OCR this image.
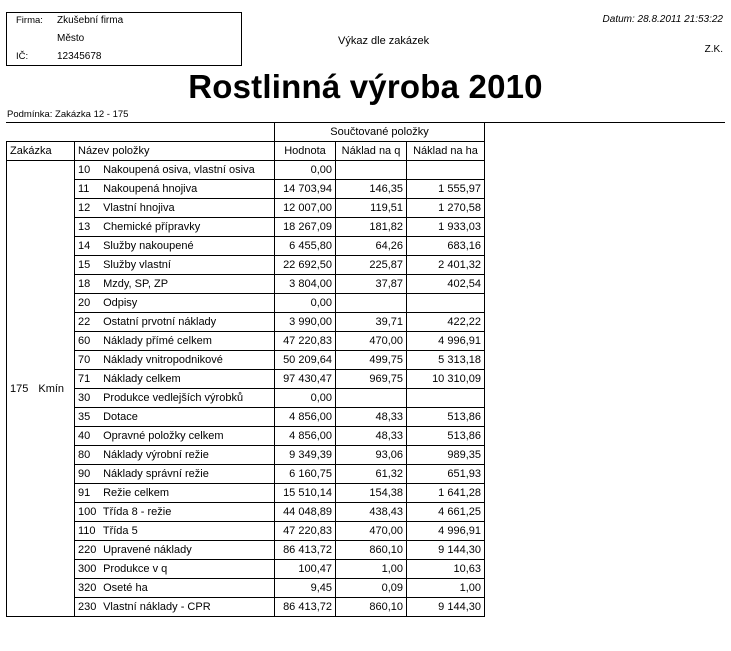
Firma: Zkušební firma
Město
IČ:	12345678
Výkaz dle zakázek
Datum: 28.8.2011 21:53:22
Z.K.
Rostlinná výroba 2010
Podmínka: Zakázka 12 - 175
		Součtované položky		
Zakázka	Název položky	Hodnota	Náklad na q	Náklad na ha
175 Kmín	10 Nakoupená osiva, vlastní osiva	0,00		
	11 Nakoupená hnojiva	14 703,94	146,35	1 555,97
	12 Vlastní hnojiva	12 007,00	119,51	1 270,58
	13 Chemické přípravky	18 267,09	181,82	1 933,03
	14 Služby nakoupené	6 455,80	64,26	683,16
	15 Služby vlastní	22 692,50	225,87	2 401,32
	18 Mzdy, SP, ZP	3 804,00	37,87	402,54
	20 Odpisy	0,00		
	22 Ostatní prvotní náklady	3 990,00	39,71	422,22
	60 Náklady přímé celkem	47 220,83	470,00	4 996,91
	70 Náklady vnitropodnikové	50 209,64	499,75	5 313,18
	71 Náklady celkem	97 430,47	969,75	10 310,09
	30 Produkce vedlejších výrobků	0,00		
	35 Dotace	4 856,00	48,33	513,86
	40 Opravné položky celkem	4 856,00	48,33	513,86
	80 Náklady výrobní režie	9 349,39	93,06	989,35
	90 Náklady správní režie	6 160,75	61,32	651,93
	91 Režie celkem	15 510,14	154,38	1 641,28
	100 Třída 8 - režie	44 048,89	438,43	4 661,25
	110 Třída 5	47 220,83	470,00	4 996,91
	220 Upravené náklady	86 413,72	860,10	9 144,30
	300 Produkce v q	100,47	1,00	10,63
	320 Oseté ha	9,45	0,09	1,00
	230 Vlastní náklady - CPR	86 413,72	860,10	9 144,30
